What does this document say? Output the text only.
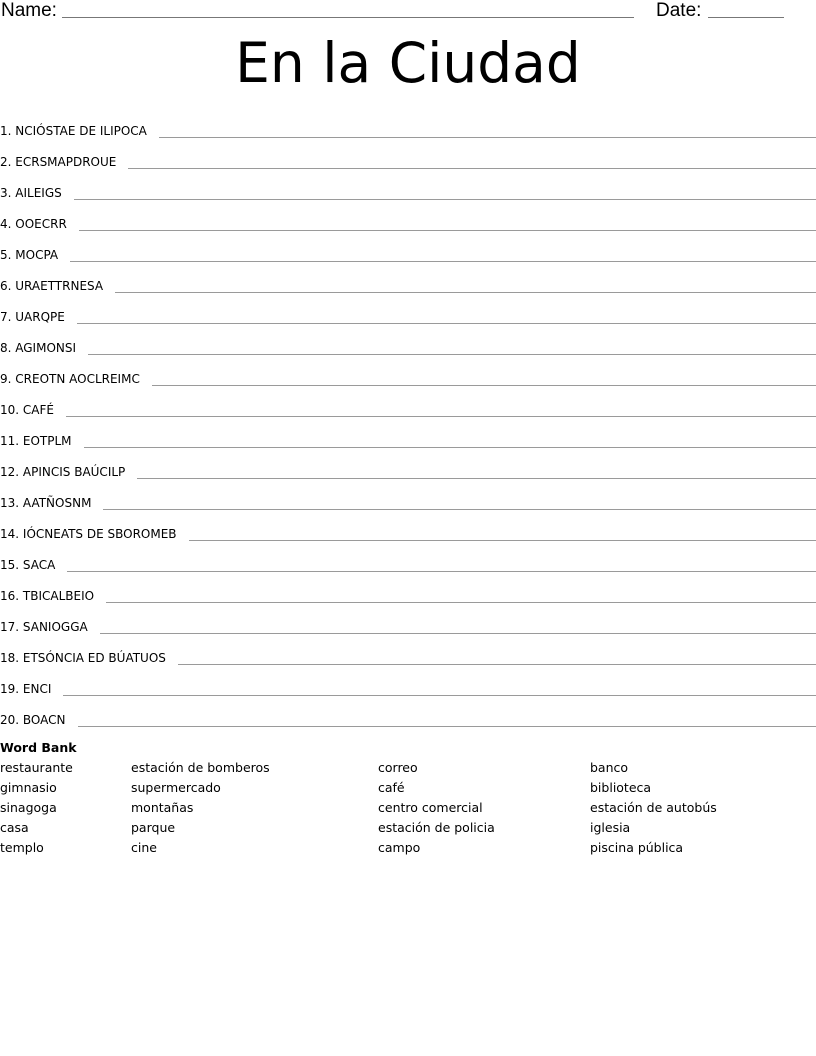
Name:	Date:
En la Ciudad
1. NCIÓSTAE DE ILIPOCA
2. ECRSMAPDROUE
3. AILEIGS
4. OOECRR
5. MOCPA
6. URAETTRNESA
7. UARQPE
8. AGIMONSI
9. CREOTN AOCLREIMC
10. CAFÉ
11. EOTPLM
12. APINCIS BAÚCILP
13. AATÑOSNM
14. IÓCNEATS DE SBOROMEB
15. SACA
16. TBICALBEIO
17. SANIOGGA
18. ETSÓNCIA ED BÚATUOS
19. ENCI
20. BOACN
Word Bank
restaurante
gimnasio
sinagoga
casa
templo
estación de bomberos
supermercado
montañas
parque
cine
correo
café
centro comercial
estación de policia
campo
banco
biblioteca
estación de autobús
iglesia
piscina pública
